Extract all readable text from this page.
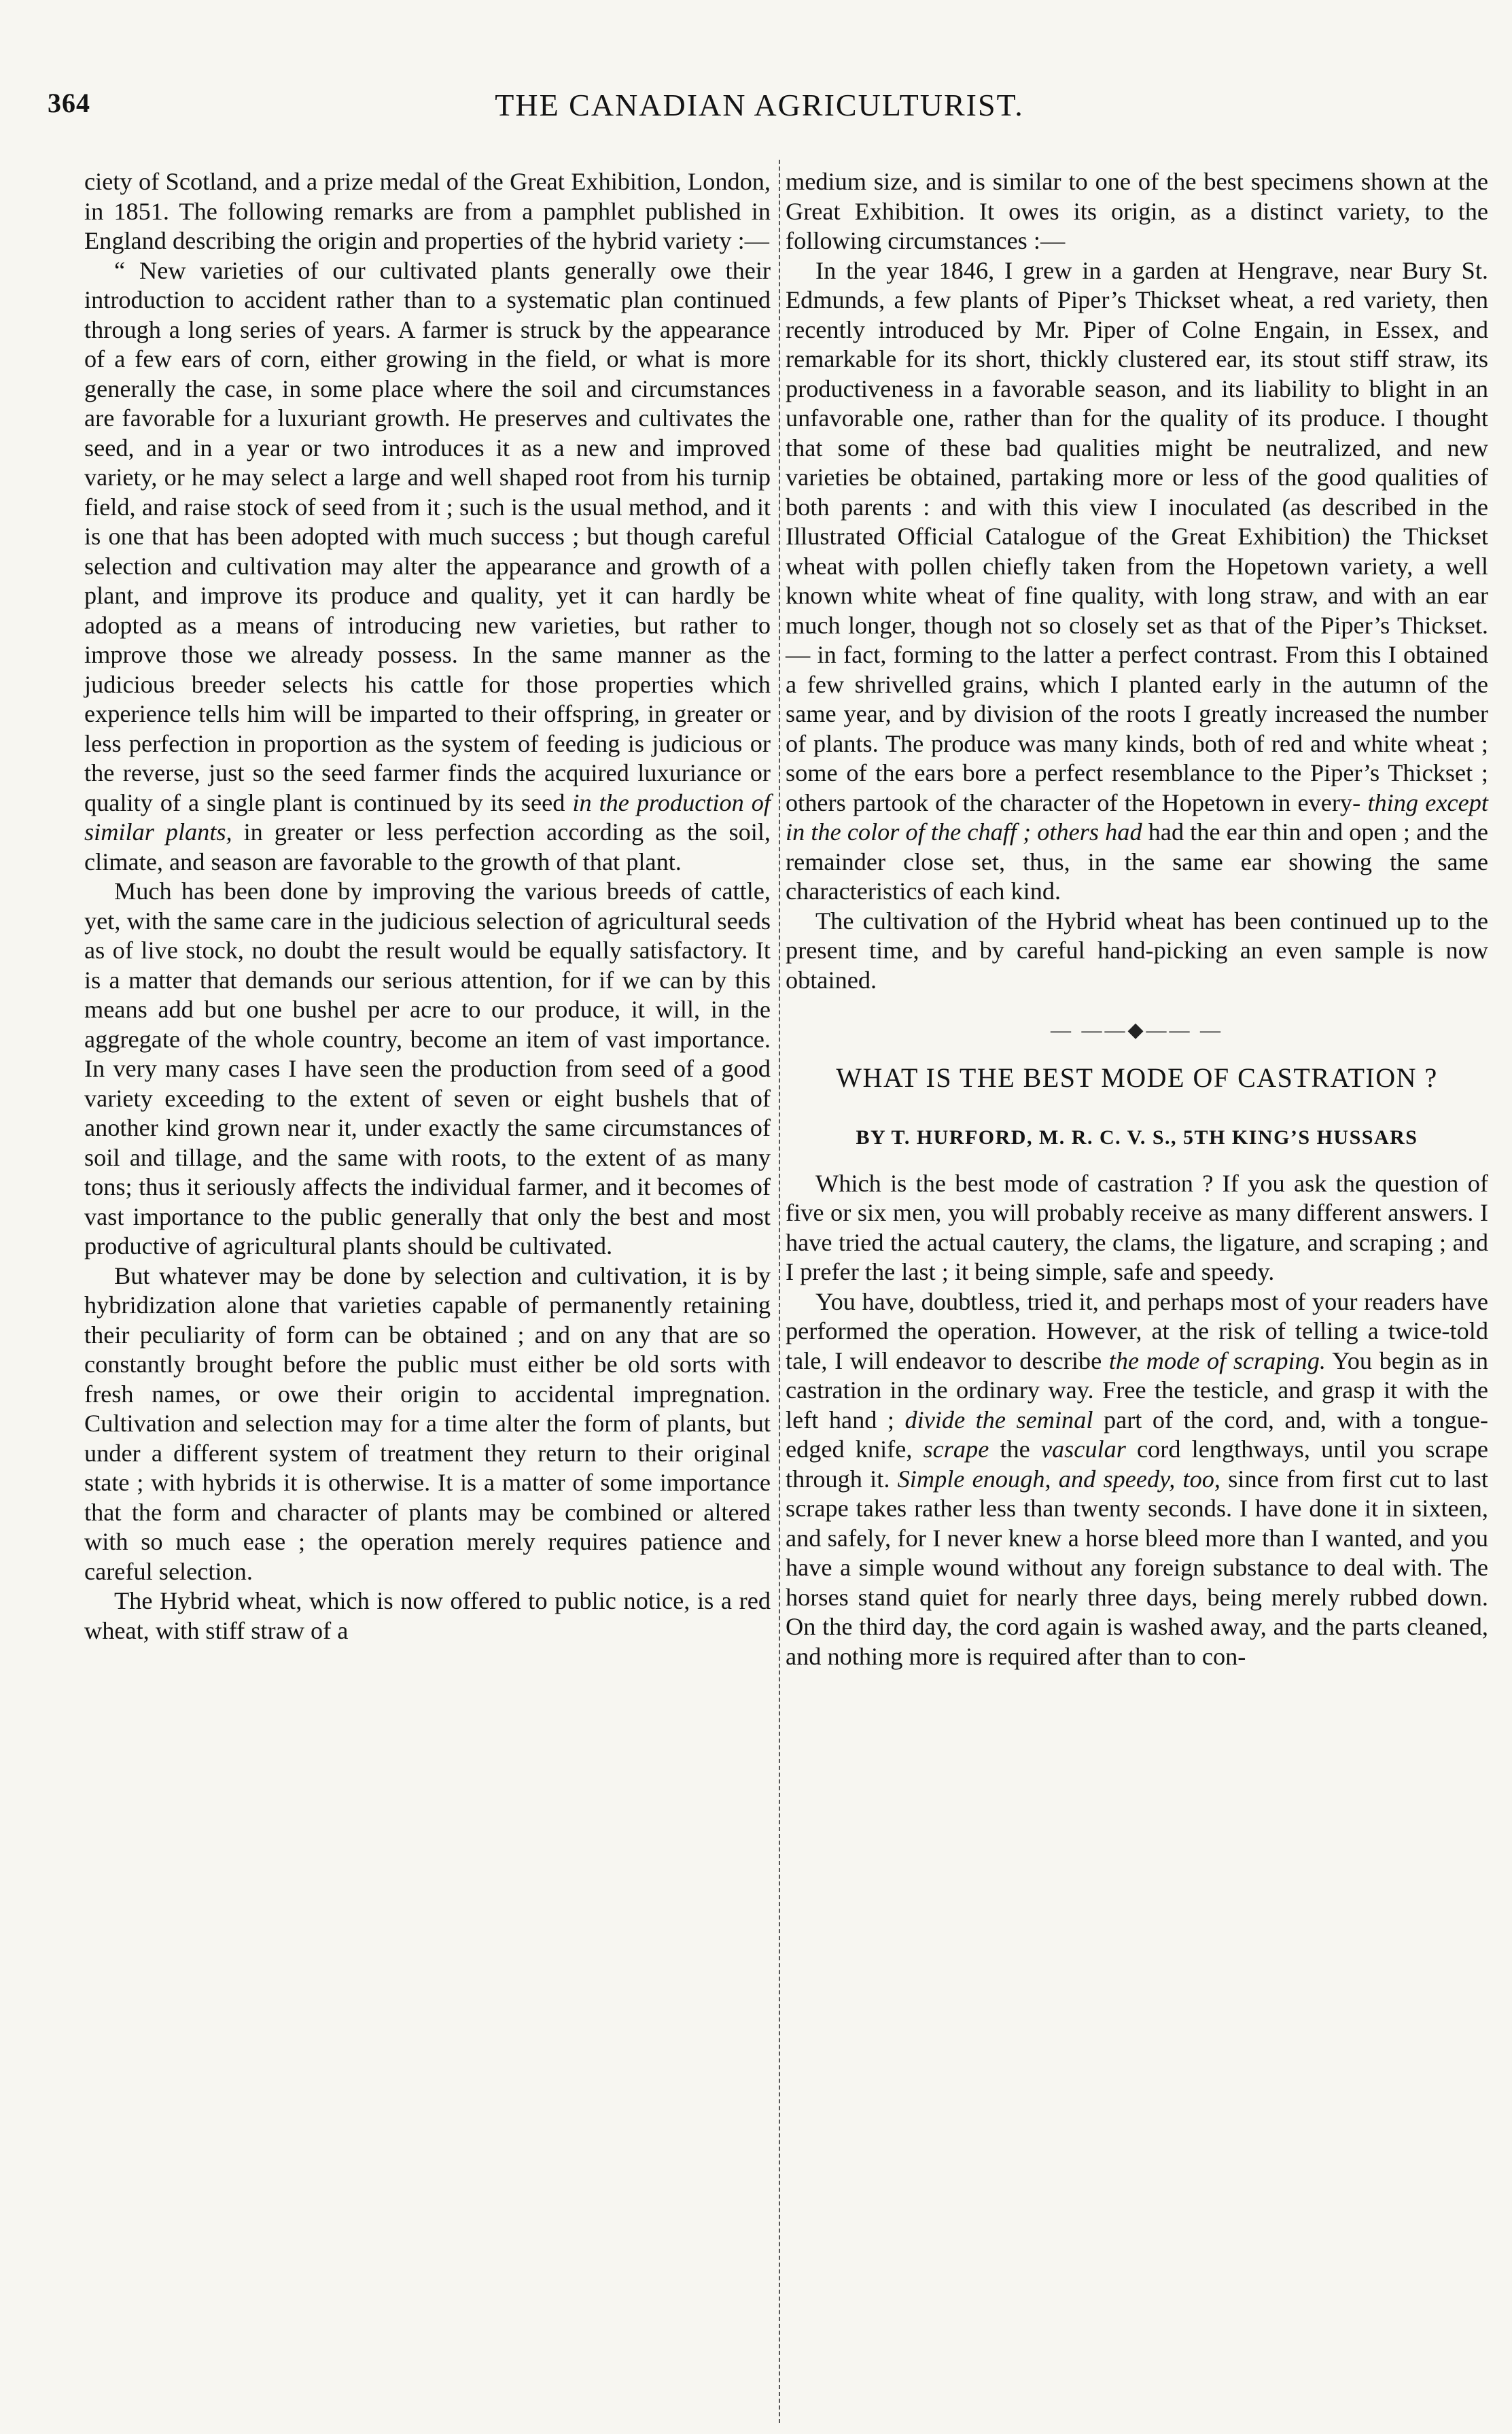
364	THE CANADIAN AGRICULTURIST.

ciety of Scotland, and a prize medal of the Great Exhibition, London, in 1851. The following remarks are from a pamphlet published in England describing the origin and properties of the hybrid variety :—

“ New varieties of our cultivated plants generally owe their introduction to accident rather than to a systematic plan continued through a long series of years. A farmer is struck by the appearance of a few ears of corn, either growing in the field, or what is more generally the case, in some place where the soil and circumstances are favorable for a luxuriant growth. He preserves and cultivates the seed, and in a year or two introduces it as a new and improved variety, or he may select a large and well shaped root from his turnip field, and raise stock of seed from it ; such is the usual method, and it is one that has been adopted with much success ; but though careful selection and cultivation may alter the appearance and growth of a plant, and improve its produce and quality, yet it can hardly be adopted as a means of introducing new varieties, but rather to improve those we already possess. In the same manner as the judicious breeder selects his cattle for those properties which experience tells him will be imparted to their offspring, in greater or less perfection in proportion as the system of feeding is judicious or the reverse, just so the seed farmer finds the acquired luxuriance or quality of a single plant is continued by its seed in the production of similar plants, in greater or less perfection according as the soil, climate, and season are favorable to the growth of that plant.

Much has been done by improving the various breeds of cattle, yet, with the same care in the judicious selection of agricultural seeds as of live stock, no doubt the result would be equally satisfactory. It is a matter that demands our serious attention, for if we can by this means add but one bushel per acre to our produce, it will, in the aggregate of the whole country, become an item of vast importance. In very many cases I have seen the production from seed of a good variety exceeding to the extent of seven or eight bushels that of another kind grown near it, under exactly the same circumstances of soil and tillage, and the same with roots, to the extent of as many tons; thus it seriously affects the individual farmer, and it becomes of vast importance to the public generally that only the best and most productive of agricultural plants should be cultivated.

But whatever may be done by selection and cultivation, it is by hybridization alone that varieties capable of permanently retaining their peculiarity of form can be obtained ; and on any that are so constantly brought before the public must either be old sorts with fresh names, or owe their origin to accidental impregnation. Cultivation and selection may for a time alter the form of plants, but under a different system of treatment they return to their original state ; with hybrids it is otherwise. It is a matter of some importance that the form and character of plants may be combined or altered with so much ease ; the operation merely requires patience and careful selection.

The Hybrid wheat, which is now offered to public notice, is a red wheat, with stiff straw of a

medium size, and is similar to one of the best specimens shown at the Great Exhibition. It owes its origin, as a distinct variety, to the following circumstances :—

In the year 1846, I grew in a garden at Hengrave, near Bury St. Edmunds, a few plants of Piper’s Thickset wheat, a red variety, then recently introduced by Mr. Piper of Colne Engain, in Essex, and remarkable for its short, thickly clustered ear, its stout stiff straw, its productiveness in a favorable season, and its liability to blight in an unfavorable one, rather than for the quality of its produce. I thought that some of these bad qualities might be neutralized, and new varieties be obtained, partaking more or less of the good qualities of both parents : and with this view I inoculated (as described in the Illustrated Official Catalogue of the Great Exhibition) the Thickset wheat with pollen chiefly taken from the Hopetown variety, a well known white wheat of fine quality, with long straw, and with an ear much longer, though not so closely set as that of the Piper’s Thickset.— in fact, forming to the latter a perfect contrast. From this I obtained a few shrivelled grains, which I planted early in the autumn of the same year, and by division of the roots I greatly increased the number of plants. The produce was many kinds, both of red and white wheat ; some of the ears bore a perfect resemblance to the Piper’s Thickset ; others partook of the character of the Hopetown in every- thing except in the color of the chaff ; others had had the ear thin and open ; and the remainder close set, thus, in the same ear showing the same characteristics of each kind.

The cultivation of the Hybrid wheat has been continued up to the present time, and by careful hand-picking an even sample is now obtained.

— ——◆—— —
WHAT IS THE BEST MODE OF CASTRATION ?
BY T. HURFORD, M. R. C. V. S., 5TH KING’S HUSSARS

Which is the best mode of castration ? If you ask the question of five or six men, you will probably receive as many different answers. I have tried the actual cautery, the clams, the ligature, and scraping ; and I prefer the last ; it being simple, safe and speedy.

You have, doubtless, tried it, and perhaps most of your readers have performed the operation. However, at the risk of telling a twice-told tale, I will endeavor to describe the mode of scraping. You begin as in castration in the ordinary way. Free the testicle, and grasp it with the left hand ; divide the seminal part of the cord, and, with a tongue-edged knife, scrape the vascular cord lengthways, until you scrape through it. Simple enough, and speedy, too, since from first cut to last scrape takes rather less than twenty seconds. I have done it in sixteen, and safely, for I never knew a horse bleed more than I wanted, and you have a simple wound without any foreign substance to deal with. The horses stand quiet for nearly three days, being merely rubbed down. On the third day, the cord again is washed away, and the parts cleaned, and nothing more is required after than to con-
